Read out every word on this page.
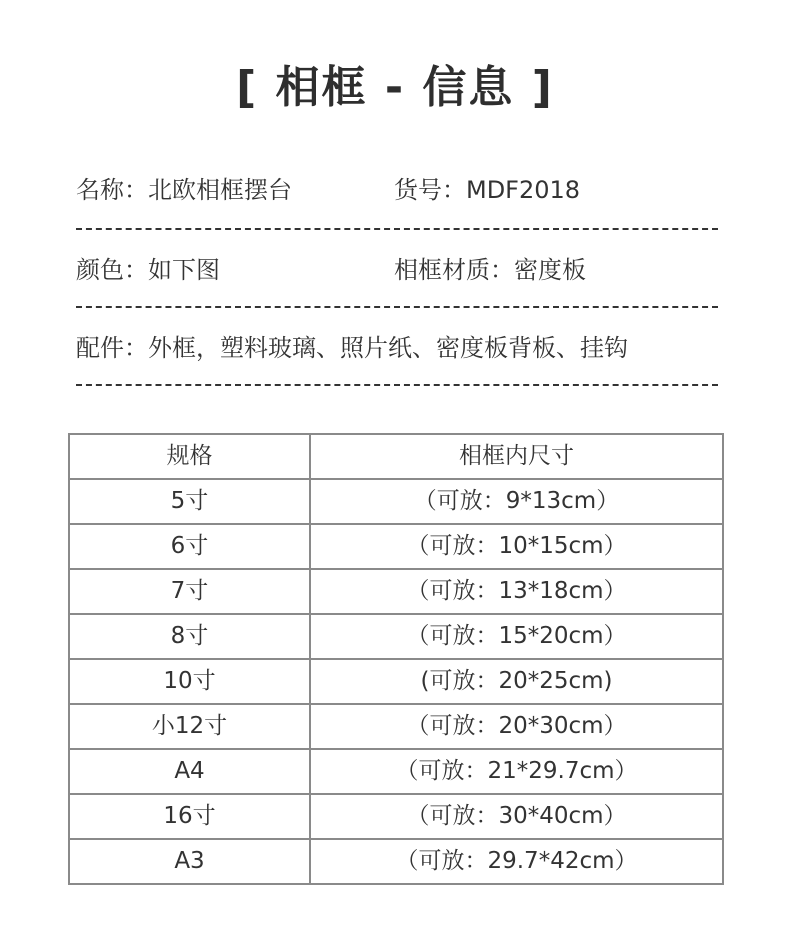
[ 相框 - 信息 ]
名称：北欧相框摆台	货号：MDF2018
颜色：如下图	相框材质：密度板
配件：外框，塑料玻璃、照片纸、密度板背板、挂钩
规格	相框内尺寸
5寸	（可放：9*13cm）
6寸	（可放：10*15cm）
7寸	（可放：13*18cm）
8寸	（可放：15*20cm）
10寸	(可放：20*25cm)
小12寸	（可放：20*30cm）
A4	（可放：21*29.7cm）
16寸	（可放：30*40cm）
A3	（可放：29.7*42cm）
